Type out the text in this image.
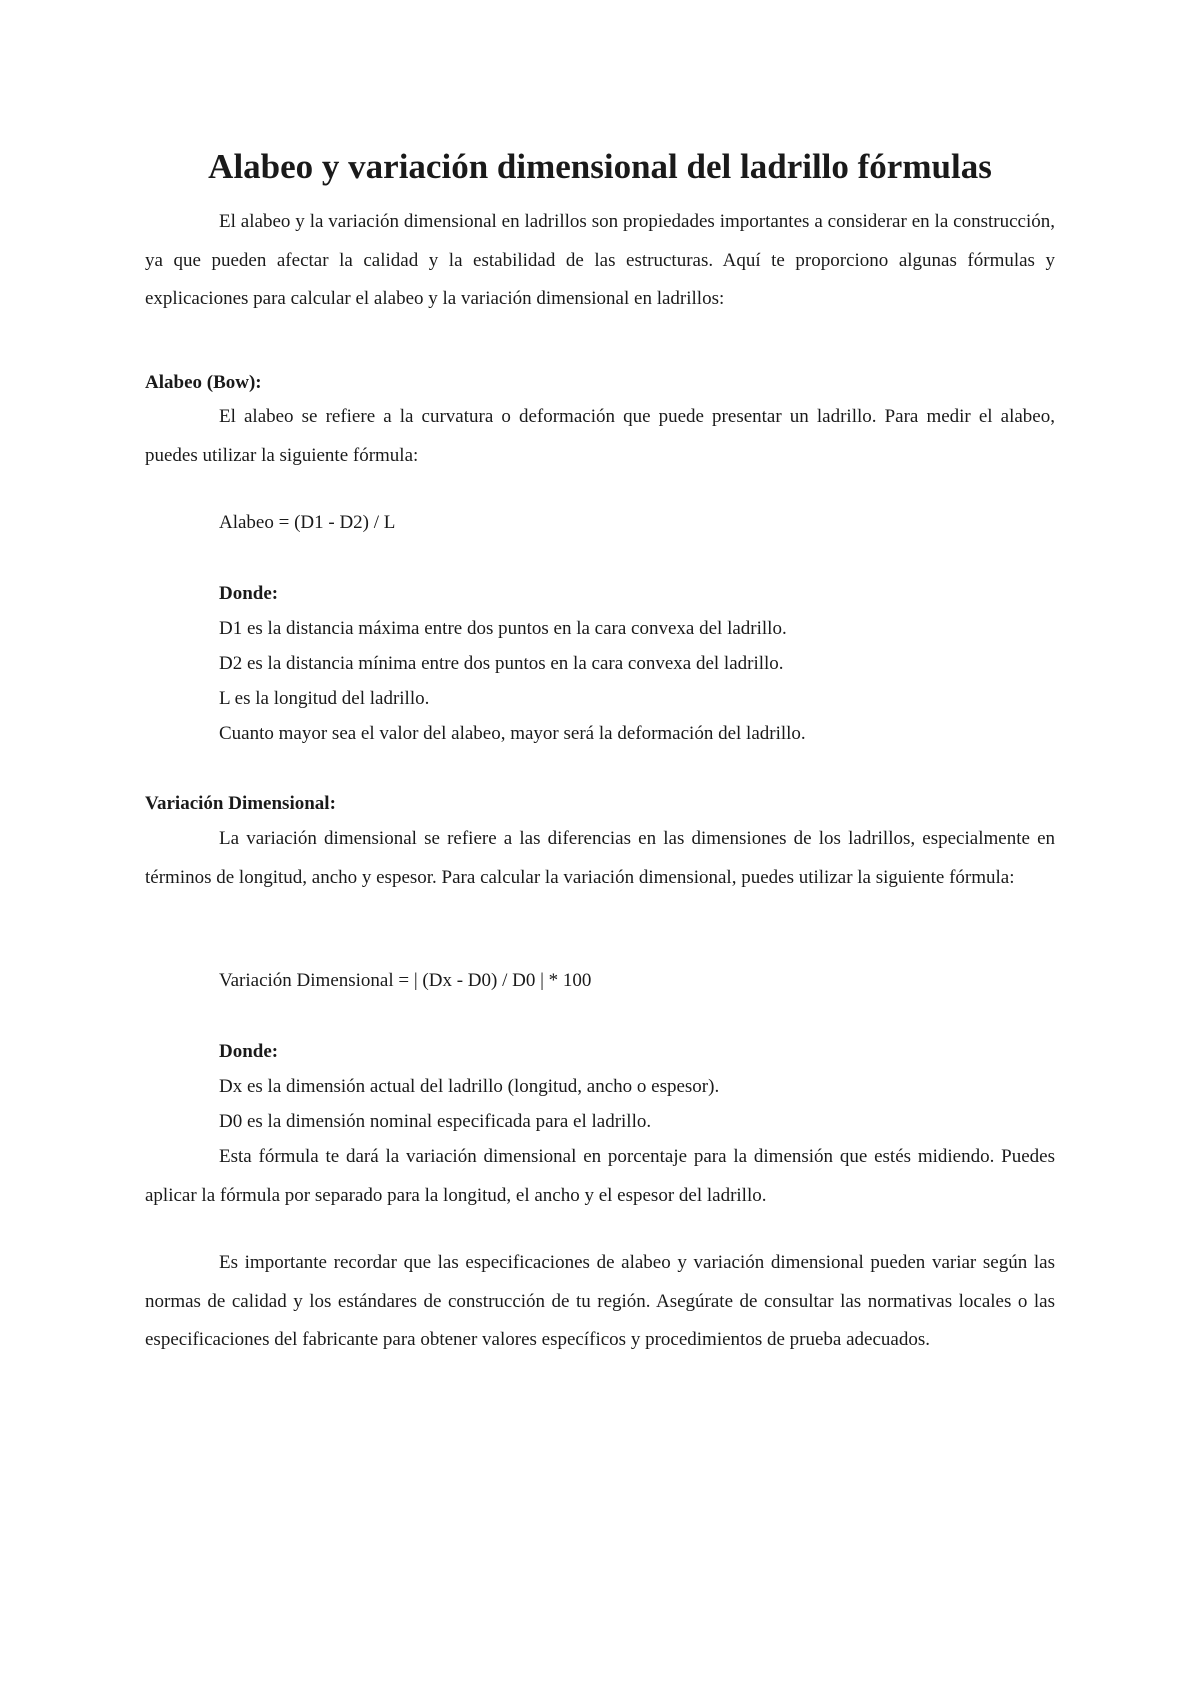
Alabeo y variación dimensional del ladrillo fórmulas

El alabeo y la variación dimensional en ladrillos son propiedades importantes a considerar en la construcción, ya que pueden afectar la calidad y la estabilidad de las estructuras. Aquí te proporciono algunas fórmulas y explicaciones para calcular el alabeo y la variación dimensional en ladrillos:

Alabeo (Bow):

El alabeo se refiere a la curvatura o deformación que puede presentar un ladrillo. Para medir el alabeo, puedes utilizar la siguiente fórmula:

Alabeo = (D1 - D2) / L

Donde:

D1 es la distancia máxima entre dos puntos en la cara convexa del ladrillo.

D2 es la distancia mínima entre dos puntos en la cara convexa del ladrillo.

L es la longitud del ladrillo.

Cuanto mayor sea el valor del alabeo, mayor será la deformación del ladrillo.

Variación Dimensional:

La variación dimensional se refiere a las diferencias en las dimensiones de los ladrillos, especialmente en términos de longitud, ancho y espesor. Para calcular la variación dimensional, puedes utilizar la siguiente fórmula:

Variación Dimensional = | (Dx - D0) / D0 | * 100

Donde:

Dx es la dimensión actual del ladrillo (longitud, ancho o espesor).

D0 es la dimensión nominal especificada para el ladrillo.

Esta fórmula te dará la variación dimensional en porcentaje para la dimensión que estés midiendo. Puedes aplicar la fórmula por separado para la longitud, el ancho y el espesor del ladrillo.

Es importante recordar que las especificaciones de alabeo y variación dimensional pueden variar según las normas de calidad y los estándares de construcción de tu región. Asegúrate de consultar las normativas locales o las especificaciones del fabricante para obtener valores específicos y procedimientos de prueba adecuados.
